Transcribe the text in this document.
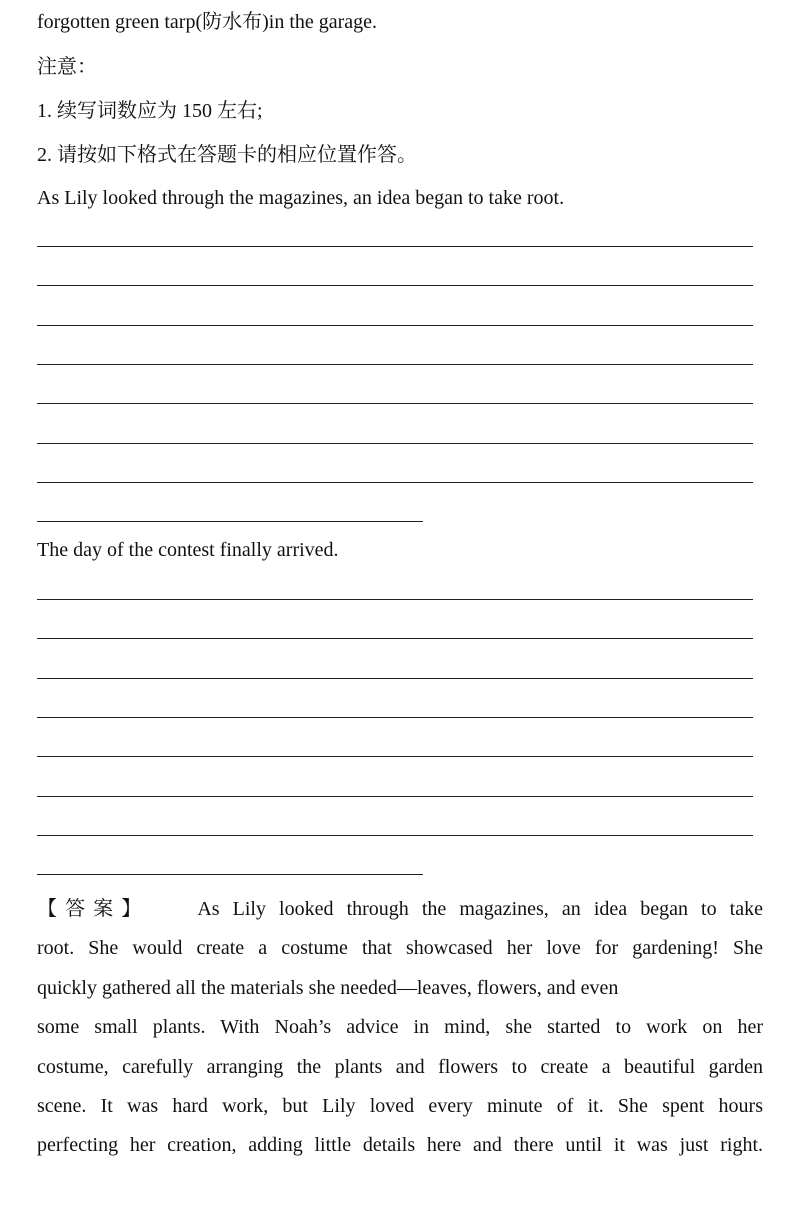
forgotten green tarp(防水布)in the garage.
注意：
1. 续写词数应为 150 左右;
2. 请按如下格式在答题卡的相应位置作答。
As Lily looked through the magazines, an idea began to take root.
The day of the contest finally arrived.
【答案】 As Lily looked through the magazines, an idea began to take
root. She would create a costume that showcased her love for gardening! She
quickly gathered all the materials she needed—leaves, flowers, and even
some small plants. With Noah’s advice in mind, she started to work on her
costume, carefully arranging the plants and flowers to create a beautiful garden
scene. It was hard work, but Lily loved every minute of it. She spent hours
perfecting her creation, adding little details here and there until it was just right.
